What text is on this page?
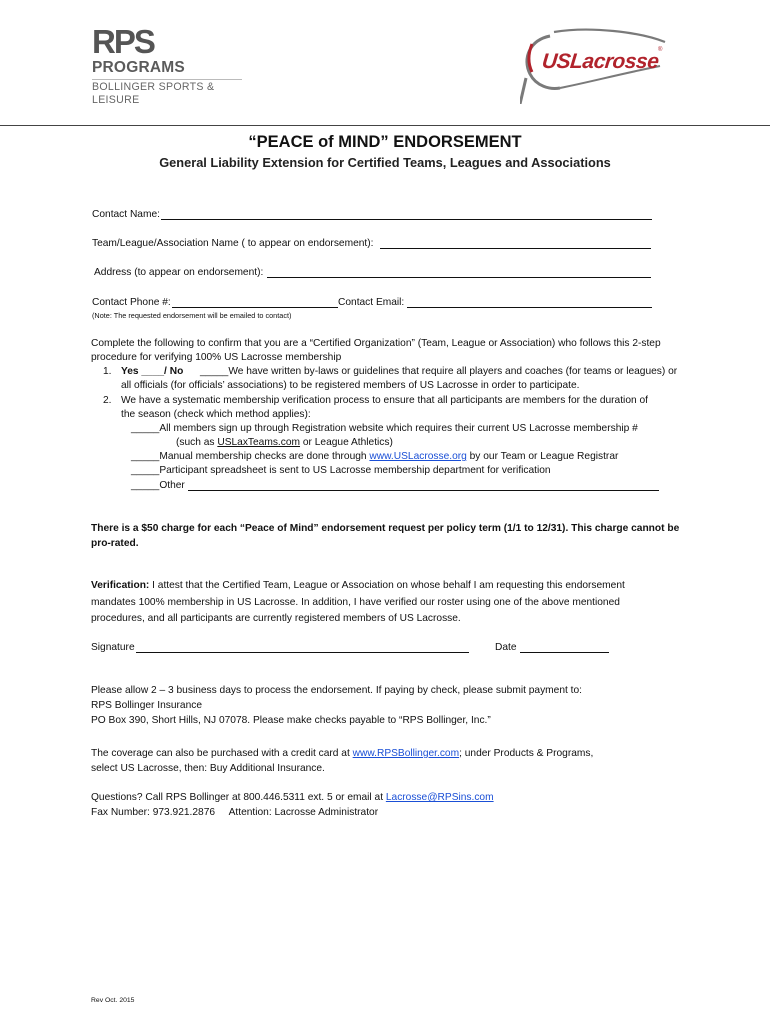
RPS
PROGRAMS
BOLLINGER SPORTS & LEISURE
USLacrosse
®
“PEACE of MIND” ENDORSEMENT
General Liability Extension for Certified Teams, Leagues and Associations
Contact Name:
Team/League/Association Name ( to appear on endorsement):
Address (to appear on endorsement):
Contact Phone #:	Contact Email:
(Note: The requested endorsement will be emailed to contact)
Complete the following to confirm that you are a “Certified Organization” (Team, League or Association) who follows this 2-step
procedure for verifying 100% US Lacrosse membership
1. Yes ____/ No _____We have written by-laws or guidelines that require all players and coaches (for teams or leagues) or
all officials (for officials’ associations) to be registered members of US Lacrosse in order to participate.
2. We have a systematic membership verification process to ensure that all participants are members for the duration of
the season (check which method applies):
_____All members sign up through Registration website which requires their current US Lacrosse membership #
(such as USLaxTeams.com or League Athletics)
_____Manual membership checks are done through www.USLacrosse.org by our Team or League Registrar
_____Participant spreadsheet is sent to US Lacrosse membership department for verification
_____Other
There is a $50 charge for each “Peace of Mind” endorsement request per policy term (1/1 to 12/31). This charge cannot be
pro-rated.
Verification: I attest that the Certified Team, League or Association on whose behalf I am requesting this endorsement
mandates 100% membership in US Lacrosse. In addition, I have verified our roster using one of the above mentioned
procedures, and all participants are currently registered members of US Lacrosse.
Signature	Date
Please allow 2 – 3 business days to process the endorsement. If paying by check, please submit payment to:
RPS Bollinger Insurance
PO Box 390, Short Hills, NJ 07078. Please make checks payable to “RPS Bollinger, Inc.”
The coverage can also be purchased with a credit card at www.RPSBollinger.com; under Products & Programs,
select US Lacrosse, then: Buy Additional Insurance.
Questions? Call RPS Bollinger at 800.446.5311 ext. 5 or email at Lacrosse@RPSins.com
Fax Number: 973.921.2876     Attention: Lacrosse Administrator
Rev Oct. 2015
